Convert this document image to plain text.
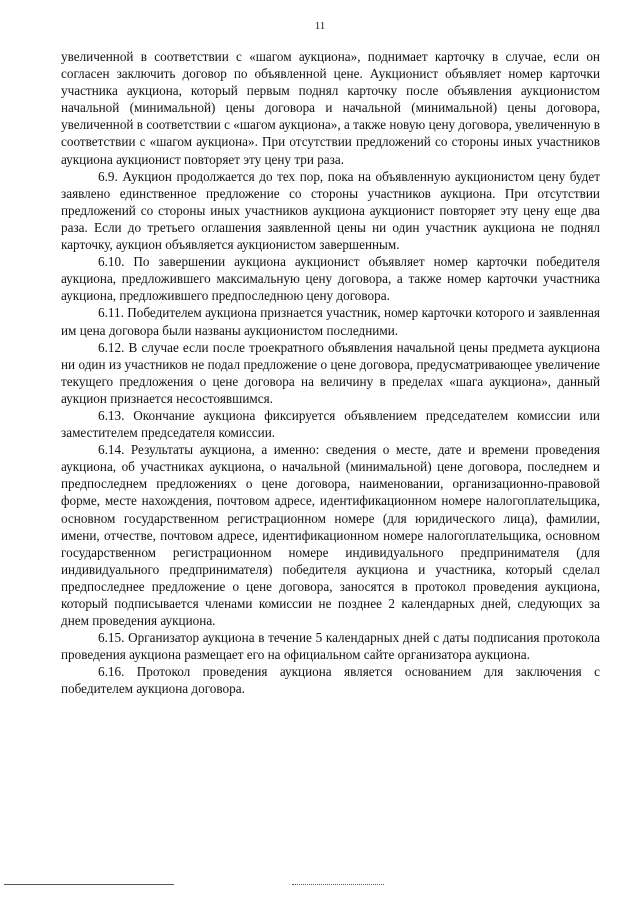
11

увеличенной в соответствии с «шагом аукциона», поднимает карточку в случае, если он согласен заключить договор по объявленной цене. Аукционист объявляет номер карточки участника аукциона, который первым поднял карточку после объявления аукционистом начальной (минимальной) цены договора и начальной (минимальной) цены договора, увеличенной в соответствии с «шагом аукциона», а также новую цену договора, увеличенную в соответствии с «шагом аукциона». При отсутствии предложений со стороны иных участников аукциона аукционист повторяет эту цену три раза.

6.9. Аукцион продолжается до тех пор, пока на объявленную аукционистом цену будет заявлено единственное предложение со стороны участников аукциона. При отсутствии предложений со стороны иных участников аукциона аукционист повторяет эту цену еще два раза. Если до третьего оглашения заявленной цены ни один участник аукциона не поднял карточку, аукцион объявляется аукционистом завершенным.

6.10. По завершении аукциона аукционист объявляет номер карточки победителя аукциона, предложившего максимальную цену договора, а также номер карточки участника аукциона, предложившего предпоследнюю цену договора.

6.11. Победителем аукциона признается участник, номер карточки которого и заявленная им цена договора были названы аукционистом последними.

6.12. В случае если после троекратного объявления начальной цены предмета аукциона ни один из участников не подал предложение о цене договора, предусматривающее увеличение текущего предложения о цене договора на величину в пределах «шага аукциона», данный аукцион признается несостоявшимся.

6.13. Окончание аукциона фиксируется объявлением председателем комиссии или заместителем председателя комиссии.

6.14. Результаты аукциона, а именно: сведения о месте, дате и времени проведения аукциона, об участниках аукциона, о начальной (минимальной) цене договора, последнем и предпоследнем предложениях о цене договора, наименовании, организационно-правовой форме, месте нахождения, почтовом адресе, идентификационном номере налогоплательщика, основном государственном регистрационном номере (для юридического лица), фамилии, имени, отчестве, почтовом адресе, идентификационном номере налогоплательщика, основном государственном регистрационном номере индивидуального предпринимателя (для индивидуального предпринимателя) победителя аукциона и участника, который сделал предпоследнее предложение о цене договора, заносятся в протокол проведения аукциона, который подписывается членами комиссии не позднее 2 календарных дней, следующих за днем проведения аукциона.

6.15. Организатор аукциона в течение 5 календарных дней с даты подписания протокола проведения аукциона размещает его на официальном сайте организатора аукциона.

6.16. Протокол проведения аукциона является основанием для заключения с победителем аукциона договора.
